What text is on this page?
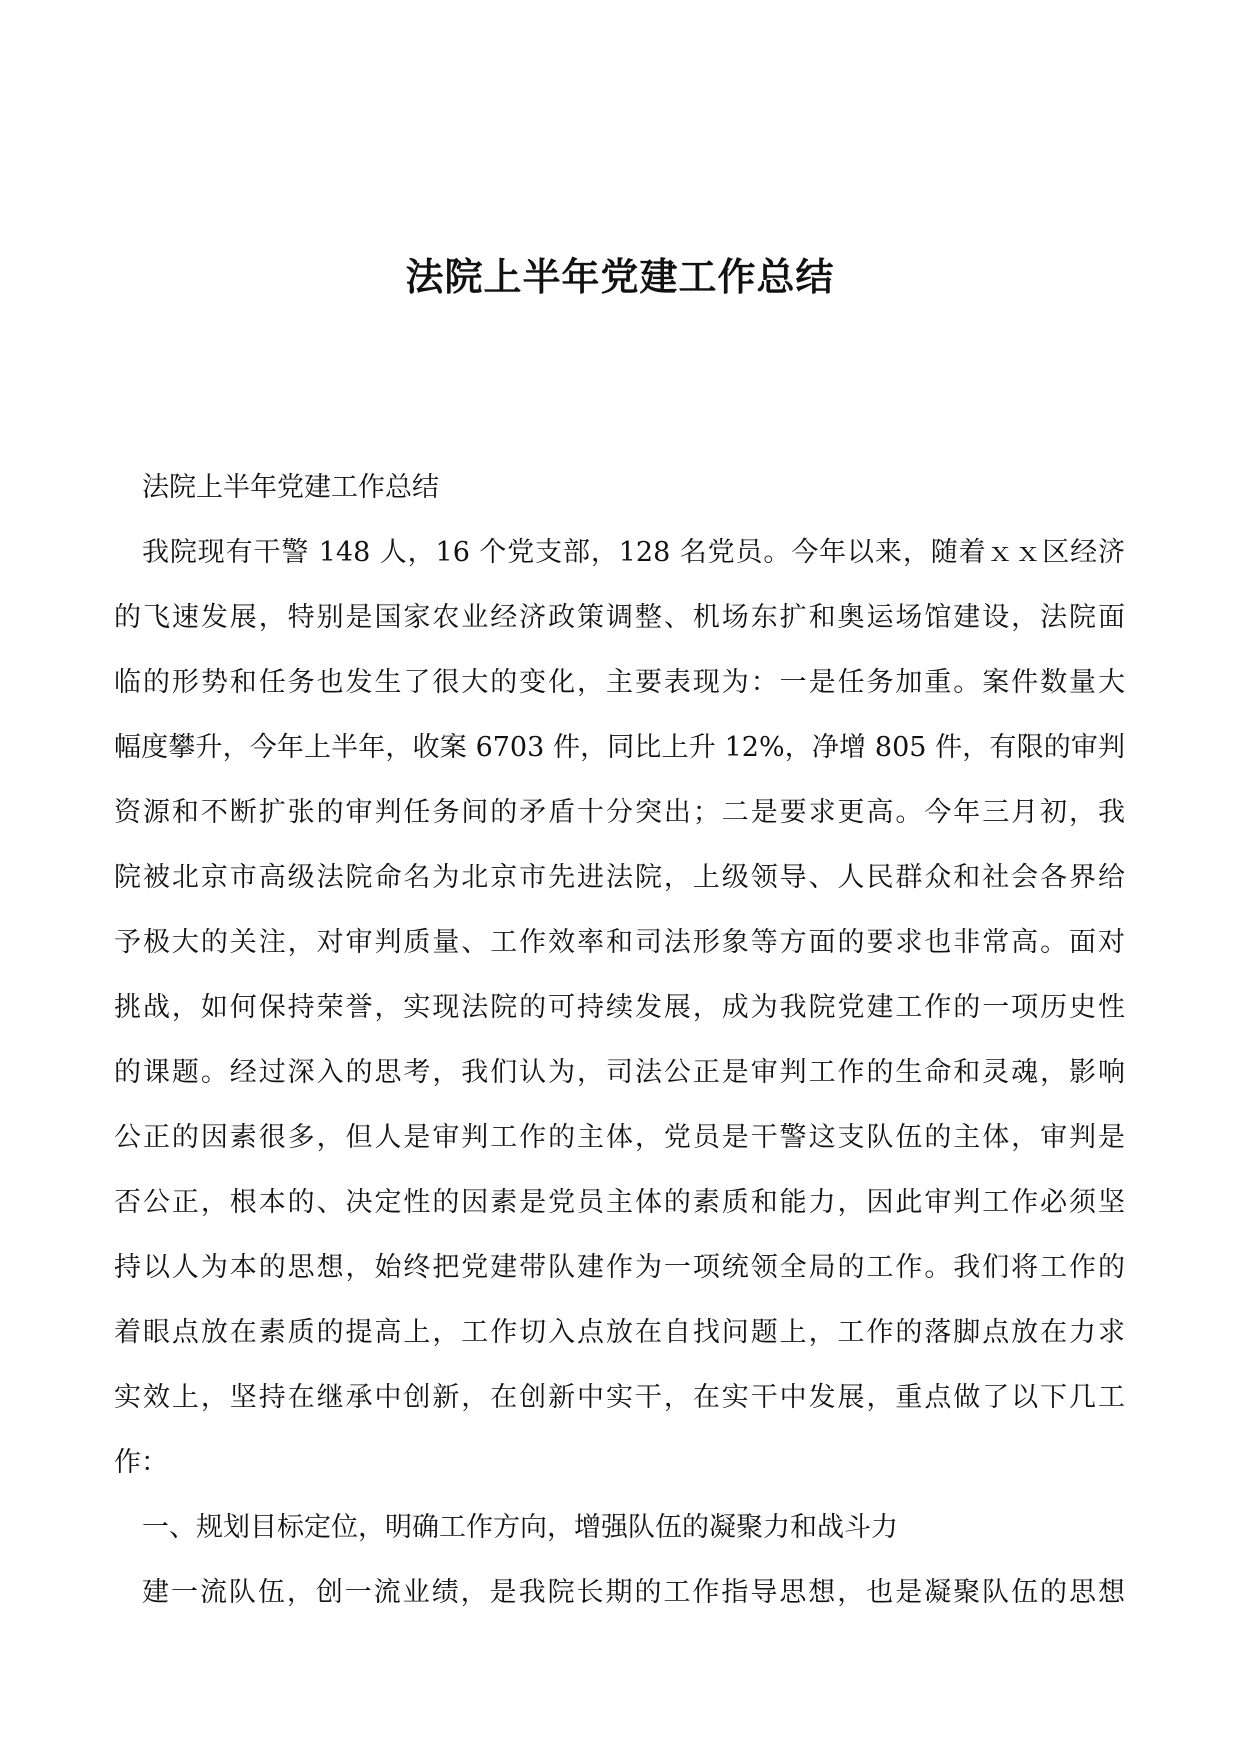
法院上半年党建工作总结
法院上半年党建工作总结
我院现有干警 148 人，16 个党支部，128 名党员。今年以来，随着ｘｘ区经济
的飞速发展，特别是国家农业经济政策调整、机场东扩和奥运场馆建设，法院面
临的形势和任务也发生了很大的变化，主要表现为：一是任务加重。案件数量大
幅度攀升，今年上半年，收案 6703 件，同比上升 12%，净增 805 件，有限的审判
资源和不断扩张的审判任务间的矛盾十分突出；二是要求更高。今年三月初，我
院被北京市高级法院命名为北京市先进法院，上级领导、人民群众和社会各界给
予极大的关注，对审判质量、工作效率和司法形象等方面的要求也非常高。面对
挑战，如何保持荣誉，实现法院的可持续发展，成为我院党建工作的一项历史性
的课题。经过深入的思考，我们认为，司法公正是审判工作的生命和灵魂，影响
公正的因素很多，但人是审判工作的主体，党员是干警这支队伍的主体，审判是
否公正，根本的、决定性的因素是党员主体的素质和能力，因此审判工作必须坚
持以人为本的思想，始终把党建带队建作为一项统领全局的工作。我们将工作的
着眼点放在素质的提高上，工作切入点放在自找问题上，工作的落脚点放在力求
实效上，坚持在继承中创新，在创新中实干，在实干中发展，重点做了以下几工
作：
一、规划目标定位，明确工作方向，增强队伍的凝聚力和战斗力
建一流队伍，创一流业绩，是我院长期的工作指导思想，也是凝聚队伍的思想
